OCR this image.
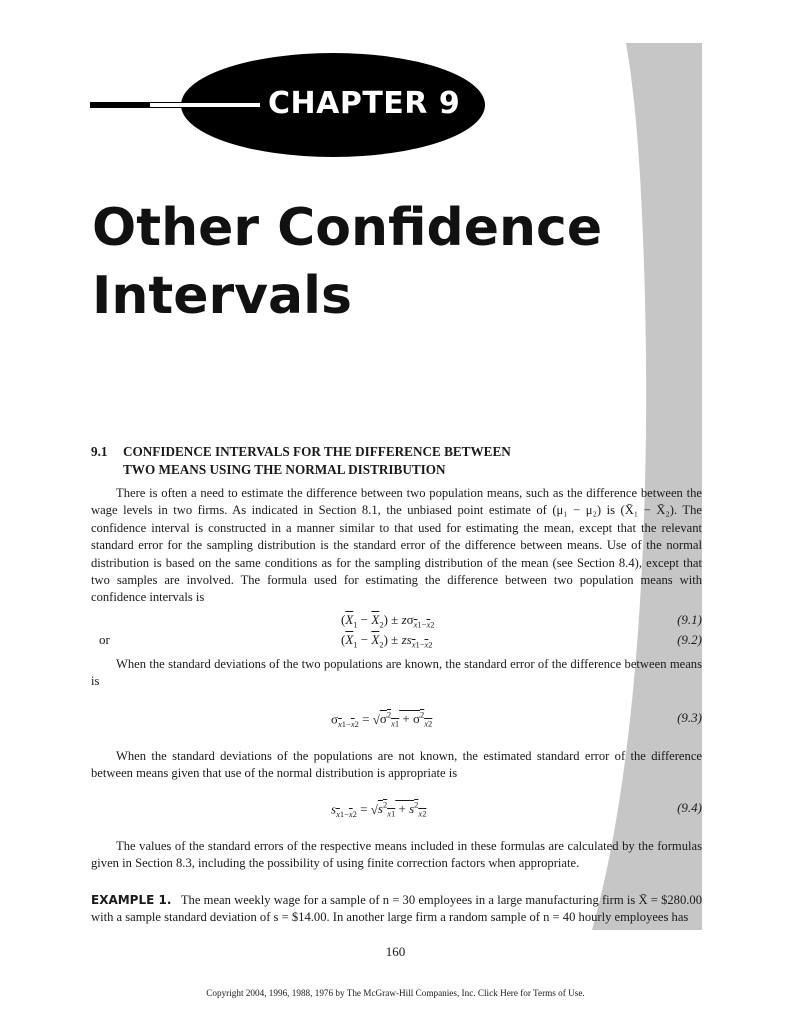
CHAPTER 9
Other Confidence
Intervals
9.1 CONFIDENCE INTERVALS FOR THE DIFFERENCE BETWEEN
TWO MEANS USING THE NORMAL DISTRIBUTION

There is often a need to estimate the difference between two population means, such as the difference between the wage levels in two firms. As indicated in Section 8.1, the unbiased point estimate of (μ₁ − μ₂) is (X̄₁ − X̄₂). The confidence interval is constructed in a manner similar to that used for estimating the mean, except that the relevant standard error for the sampling distribution is the standard error of the difference between means. Use of the normal distribution is based on the same conditions as for the sampling distribution of the mean (see Section 8.4), except that two samples are involved. The formula used for estimating the difference between two population means with confidence intervals is

$(\overline{X}_1 - \overline{X}_2) \pm z\sigma_{\overline{x}1-\overline{x}2}$	(9.1)
or	$(\overline{X}_1 - \overline{X}_2) \pm zs_{\overline{x}1-\overline{x}2}$	(9.2)

When the standard deviations of the two populations are known, the standard error of the difference between means is

$\sigma_{\overline{x}1-\overline{x}2} = √\sigma^2_{x1} + \sigma^2_{x2}$	(9.3)

When the standard deviations of the populations are not known, the estimated standard error of the difference between means given that use of the normal distribution is appropriate is

$s_{\overline{x}1-\overline{x}2} = √s^2_{x1} + s^2_{x2}$	(9.4)

The values of the standard errors of the respective means included in these formulas are calculated by the formulas given in Section 8.3, including the possibility of using finite correction factors when appropriate.

EXAMPLE 1. The mean weekly wage for a sample of n = 30 employees in a large manufacturing firm is X̄ = $280.00 with a sample standard deviation of s = $14.00. In another large firm a random sample of n = 40 hourly employees has

160
Copyright 2004, 1996, 1988, 1976 by The McGraw-Hill Companies, Inc. Click Here for Terms of Use.
